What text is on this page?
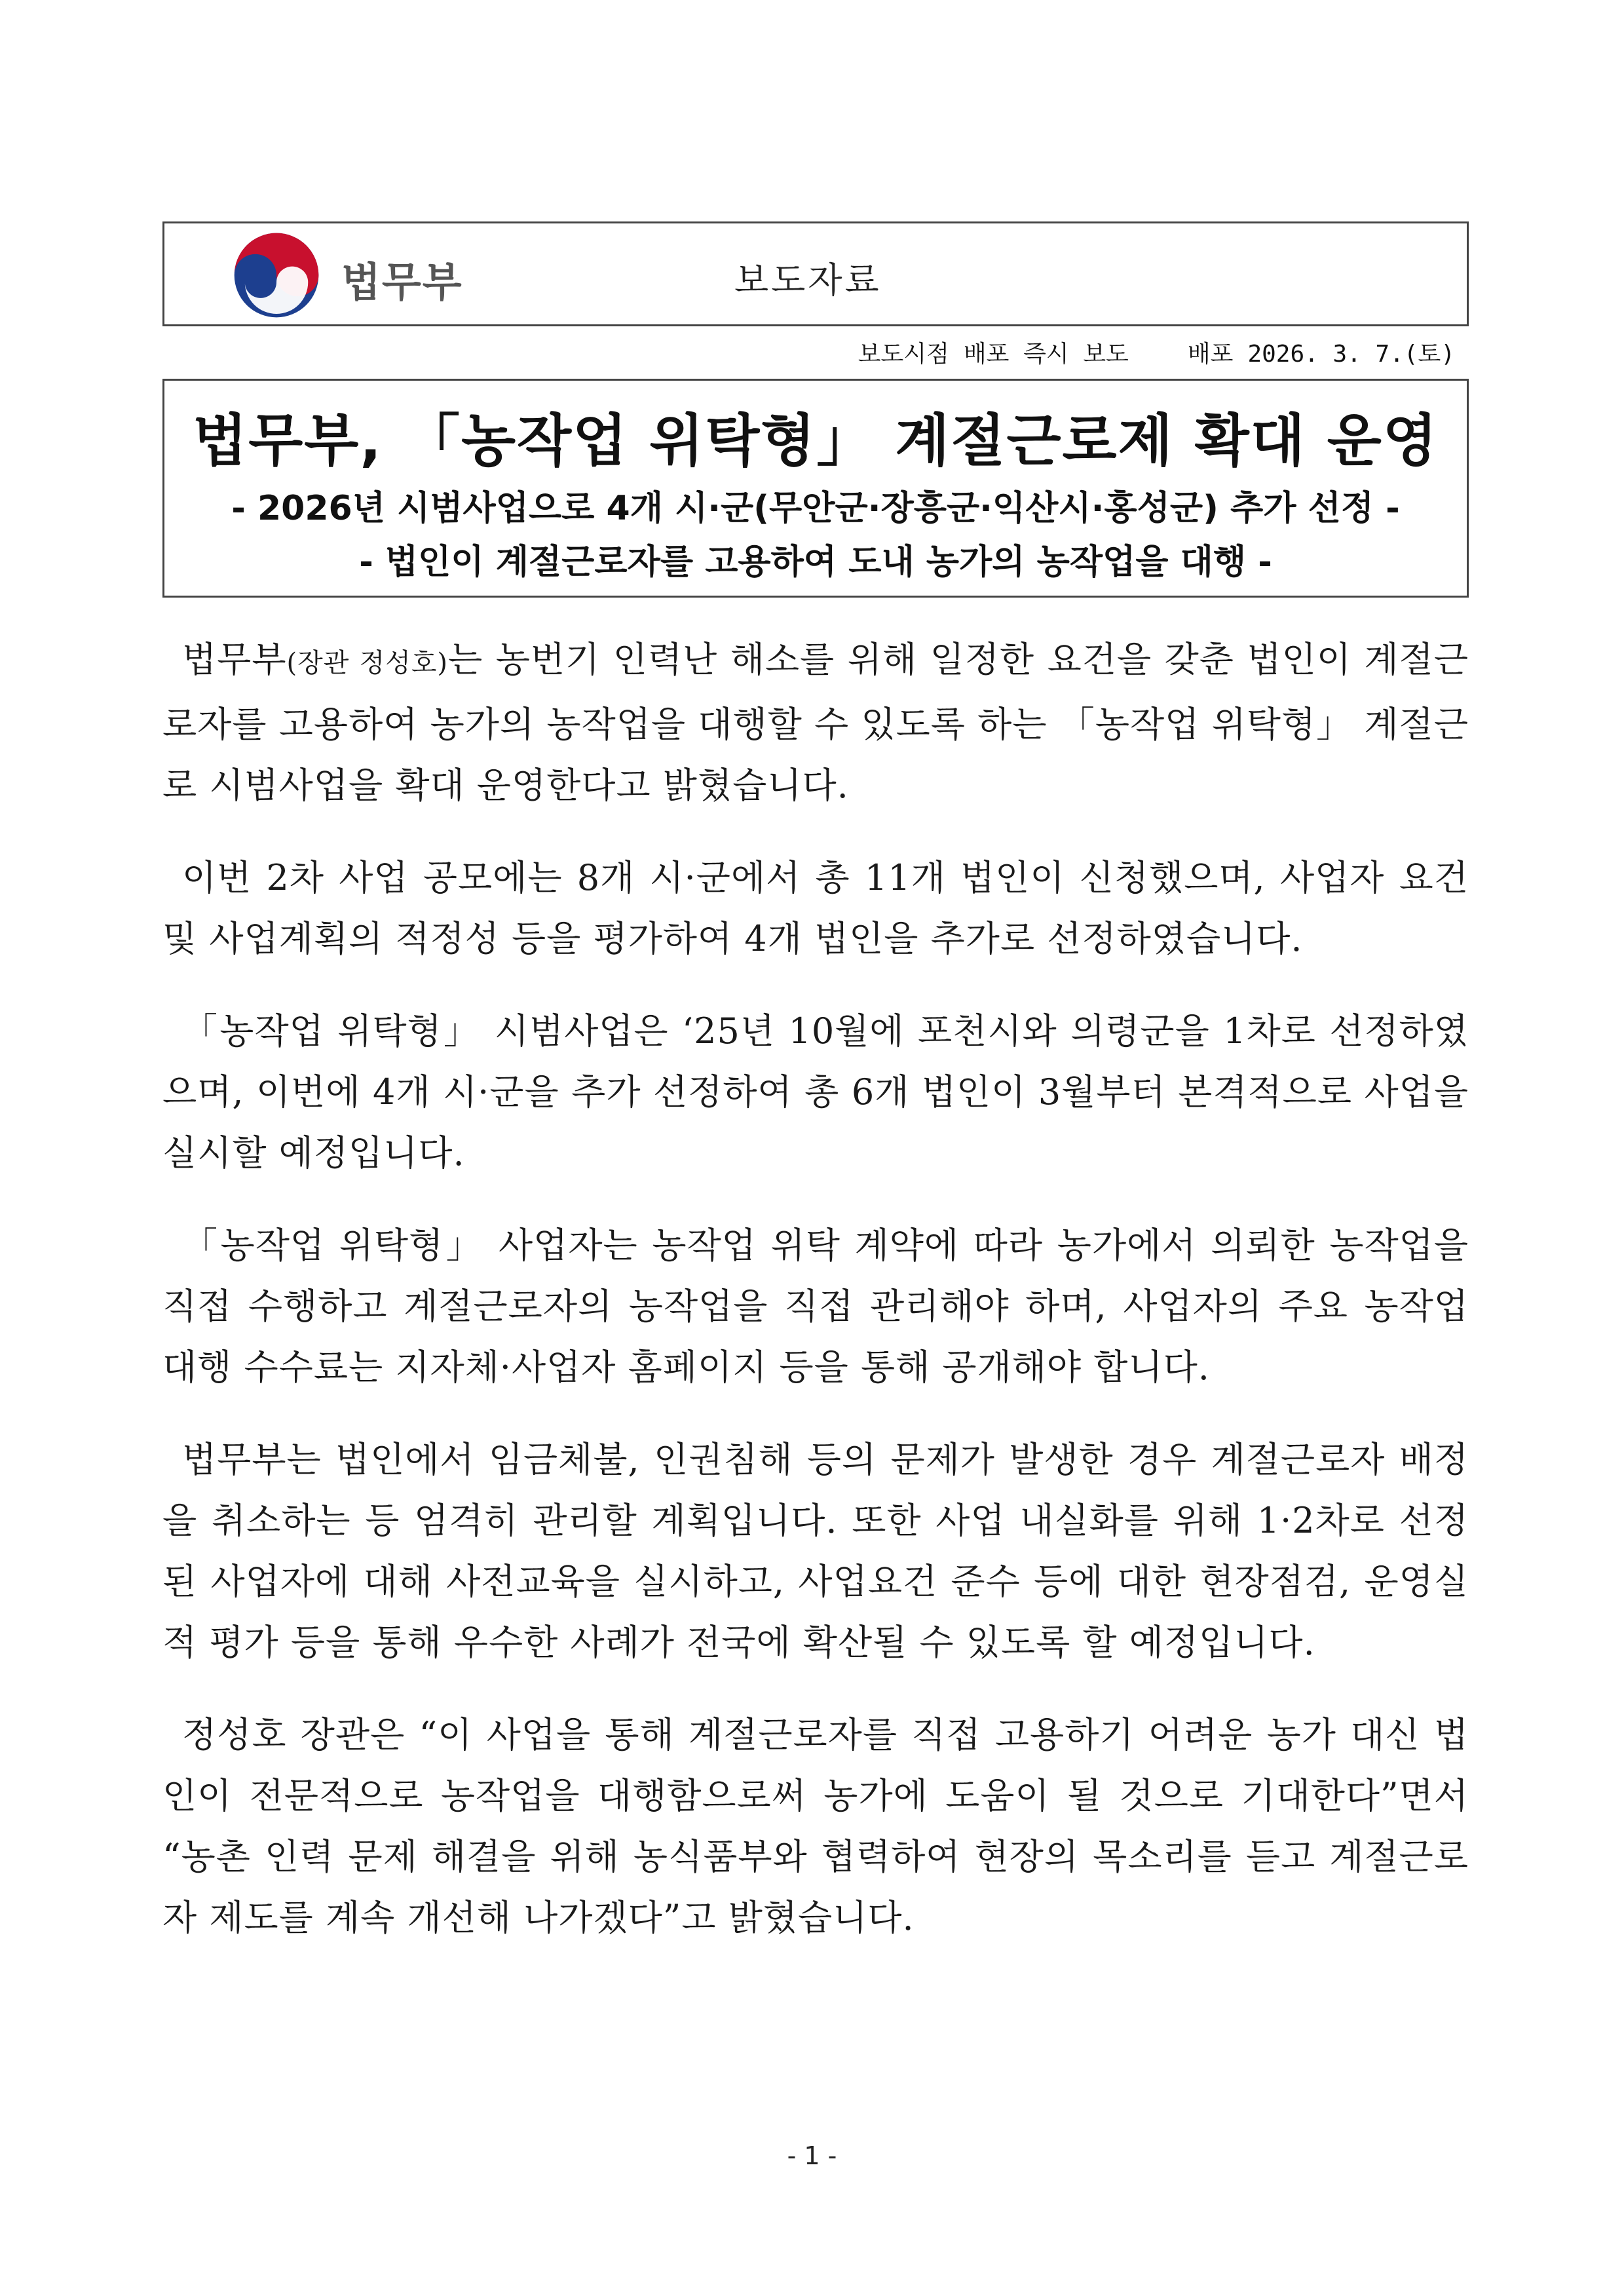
법무부	보도자료
보도시점 배포 즉시 보도	배포 2026. 3. 7.(토)
법무부, 「농작업 위탁형」 계절근로제 확대 운영
- 2026년 시범사업으로 4개 시·군(무안군·장흥군·익산시·홍성군) 추가 선정 -
- 법인이 계절근로자를 고용하여 도내 농가의 농작업을 대행 -

법무부(장관 정성호)는 농번기 인력난 해소를 위해 일정한 요건을 갖춘 법인이 계절근로자를 고용하여 농가의 농작업을 대행할 수 있도록 하는 「농작업 위탁형」 계절근로 시범사업을 확대 운영한다고 밝혔습니다.

이번 2차 사업 공모에는 8개 시·군에서 총 11개 법인이 신청했으며, 사업자 요건 및 사업계획의 적정성 등을 평가하여 4개 법인을 추가로 선정하였습니다.

「농작업 위탁형」 시범사업은 ‘25년 10월에 포천시와 의령군을 1차로 선정하였으며, 이번에 4개 시·군을 추가 선정하여 총 6개 법인이 3월부터 본격적으로 사업을 실시할 예정입니다.

「농작업 위탁형」 사업자는 농작업 위탁 계약에 따라 농가에서 의뢰한 농작업을 직접 수행하고 계절근로자의 농작업을 직접 관리해야 하며, 사업자의 주요 농작업 대행 수수료는 지자체·사업자 홈페이지 등을 통해 공개해야 합니다.

법무부는 법인에서 임금체불, 인권침해 등의 문제가 발생한 경우 계절근로자 배정을 취소하는 등 엄격히 관리할 계획입니다. 또한 사업 내실화를 위해 1·2차로 선정된 사업자에 대해 사전교육을 실시하고, 사업요건 준수 등에 대한 현장점검, 운영실적 평가 등을 통해 우수한 사례가 전국에 확산될 수 있도록 할 예정입니다.

정성호 장관은 “이 사업을 통해 계절근로자를 직접 고용하기 어려운 농가 대신 법인이 전문적으로 농작업을 대행함으로써 농가에 도움이 될 것으로 기대한다”면서 “농촌 인력 문제 해결을 위해 농식품부와 협력하여 현장의 목소리를 듣고 계절근로자 제도를 계속 개선해 나가겠다”고 밝혔습니다.

- 1 -
